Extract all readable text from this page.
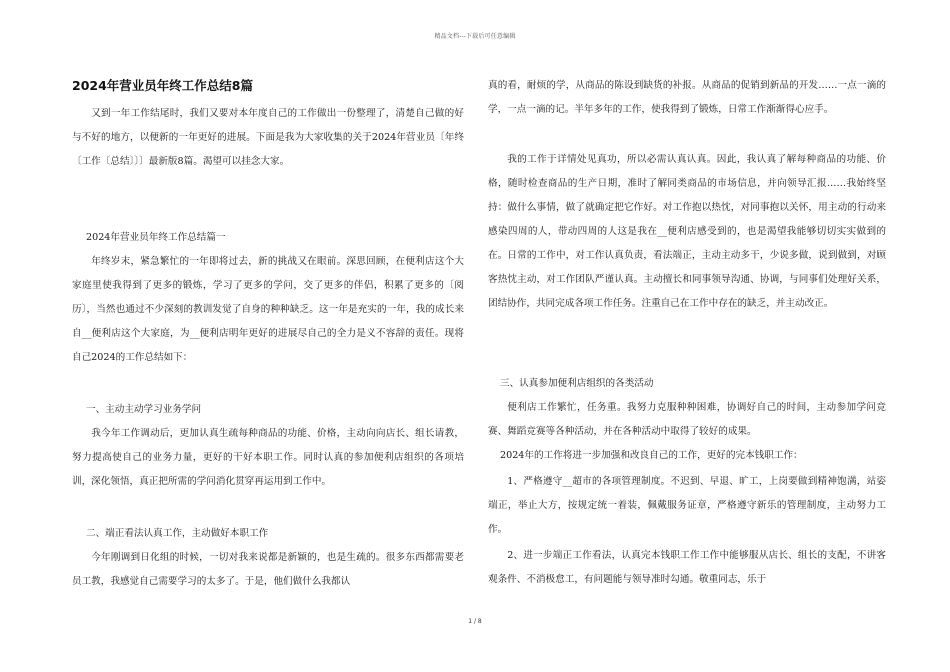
精品文档---下载后可任意编辑
2024年营业员年终工作总结8篇

又到一年工作结尾时，我们又要对本年度自己的工作做出一份整理了，清楚自己做的好与不好的地方，以便新的一年更好的进展。下面是我为大家收集的关于2024年营业员〔年终〔工作〔总结〕〕〕最新版8篇。渴望可以挂念大家。

2024年营业员年终工作总结篇一

年终岁末，紧急繁忙的一年即将过去，新的挑战又在眼前。深思回顾，在便利店这个大家庭里使我得到了更多的锻炼，学习了更多的学问，交了更多的伴侣，积累了更多的〔阅历〕，当然也通过不少深刻的教训发觉了自身的种种缺乏。这一年是充实的一年，我的成长来自__便利店这个大家庭，为__便利店明年更好的进展尽自己的全力是义不容辞的责任。现将自己2024的工作总结如下：

一、主动主动学习业务学问

我今年工作调动后，更加认真生疏每种商品的功能、价格，主动向向店长、组长请教，努力提高使自己的业务力量，更好的干好本职工作。同时认真的参加便利店组织的各项培训，深化领悟，真正把所需的学问消化贯穿再运用到工作中。

二、端正看法认真工作，主动做好本职工作

今年刚调到日化组的时候，一切对我来说都是新颖的，也是生疏的。很多东西都需要老员工教，我感觉自己需要学习的太多了。于是，他们做什么我都认

真的看，耐烦的学，从商品的陈设到缺货的补报。从商品的促销到新品的开发……一点一滴的学，一点一滴的记。半年多年的工作，使我得到了锻炼，日常工作渐渐得心应手。

我的工作于详情处见真功，所以必需认真认真。因此，我认真了解每种商品的功能、价格，随时检查商品的生产日期，准时了解同类商品的市场信息，并向领导汇报……我始终坚持：做什么事情，做了就确定把它作好。对工作抱以热忱，对同事抱以关怀，用主动的行动来感染四周的人，带动四周的人这是我在__便利店感受到的，也是渴望我能够切切实实做到的在。日常的工作中，对工作认真负责，看法端正，主动主动多干，少说多做，说到做到，对顾客热忱主动，对工作团队严谨认真。主动擅长和同事领导沟通、协调，与同事们处理好关系，团结协作，共同完成各项工作任务。注重自己在工作中存在的缺乏，并主动改正。

三、认真参加便利店组织的各类活动

便利店工作繁忙，任务重。我努力克服种种困难，协调好自己的时间，主动参加学问竞赛、舞蹈竞赛等各种活动，并在各种活动中取得了较好的成果。

2024年的工作将进一步加强和改良自己的工作，更好的完本钱职工作：

1、严格遵守__超市的各项管理制度。不迟到、早退、旷工，上岗要做到精神饱满，站姿端正，举止大方，按规定统一着装，佩戴服务证章，严格遵守新乐的管理制度，主动努力工作。

2、进一步端正工作看法，认真完本钱职工作工作中能够服从店长、组长的支配，不讲客观条件、不消极怠工，有问题能与领导准时勾通。敬重同志，乐于

1 / 8
